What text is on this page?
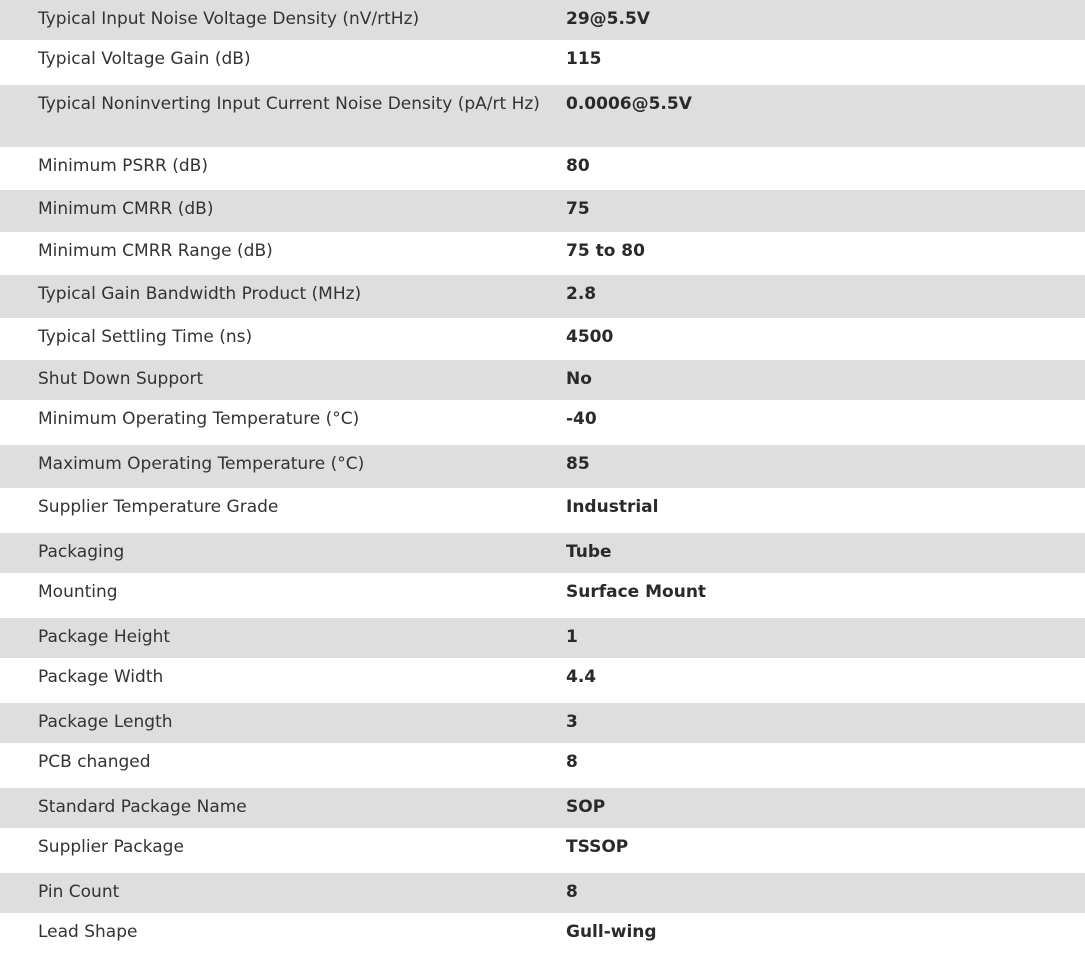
Typical Input Noise Voltage Density (nV/rtHz)	29@5.5V
Typical Voltage Gain (dB)	115
Typical Noninverting Input Current Noise Density (pA/rt Hz)	0.0006@5.5V
Minimum PSRR (dB)	80
Minimum CMRR (dB)	75
Minimum CMRR Range (dB)	75 to 80
Typical Gain Bandwidth Product (MHz)	2.8
Typical Settling Time (ns)	4500
Shut Down Support	No
Minimum Operating Temperature (°C)	-40
Maximum Operating Temperature (°C)	85
Supplier Temperature Grade	Industrial
Packaging	Tube
Mounting	Surface Mount
Package Height	1
Package Width	4.4
Package Length	3
PCB changed	8
Standard Package Name	SOP
Supplier Package	TSSOP
Pin Count	8
Lead Shape	Gull-wing
